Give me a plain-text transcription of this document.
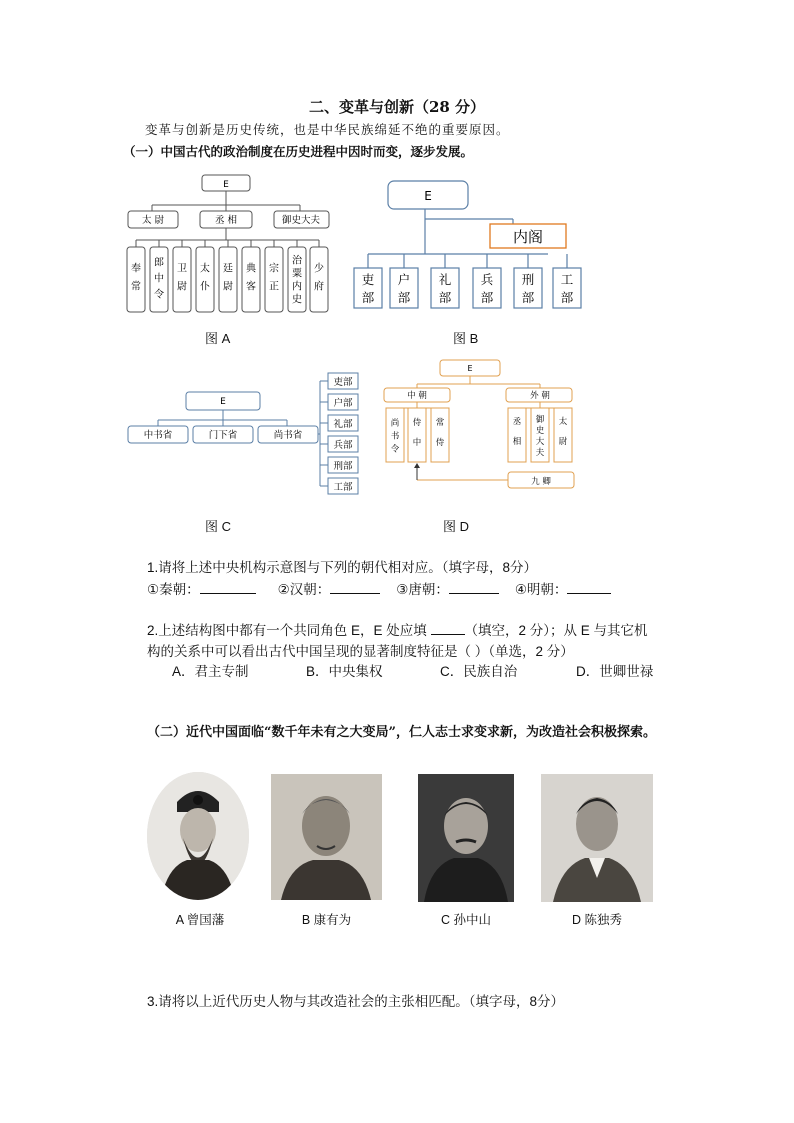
二、变革与创新（28 分）
变革与创新是历史传统，也是中华民族绵延不绝的重要原因。
（一）中国古代的政治制度在历史进程中因时而变，逐步发展。
E
太 尉	丞 相	御史大夫
奉常
郎中令
卫尉
太仆
廷尉
典客
宗正
治粟内史
少府
图 A
E
内阁
吏部
户部
礼部
兵部
刑部
工部
图 B
E
中书省	门下省	尚书省
吏部
户部
礼部
兵部
刑部
工部
图 C
E
中 朝	外 朝
尚书令
侍中
常侍
丞相
御史大夫
太尉
九 卿
图 D
1.请将上述中央机构示意图与下列的朝代相对应。（填字母，8分）
①秦朝：	②汉朝：	③唐朝：	④明朝：
2.上述结构图中都有一个共同角色 E，E 处应填	（填空，2 分）；从 E 与其它机
构的关系中可以看出古代中国呈现的显著制度特征是（ ）（单选，2 分）
A．君主专制	B．中央集权	C．民族自治	D．世卿世禄
（二）近代中国面临“数千年未有之大变局”，仁人志士求变求新，为改造社会积极探索。
A 曾国藩	B 康有为	C 孙中山	D 陈独秀
3.请将以上近代历史人物与其改造社会的主张相匹配。（填字母，8分）
